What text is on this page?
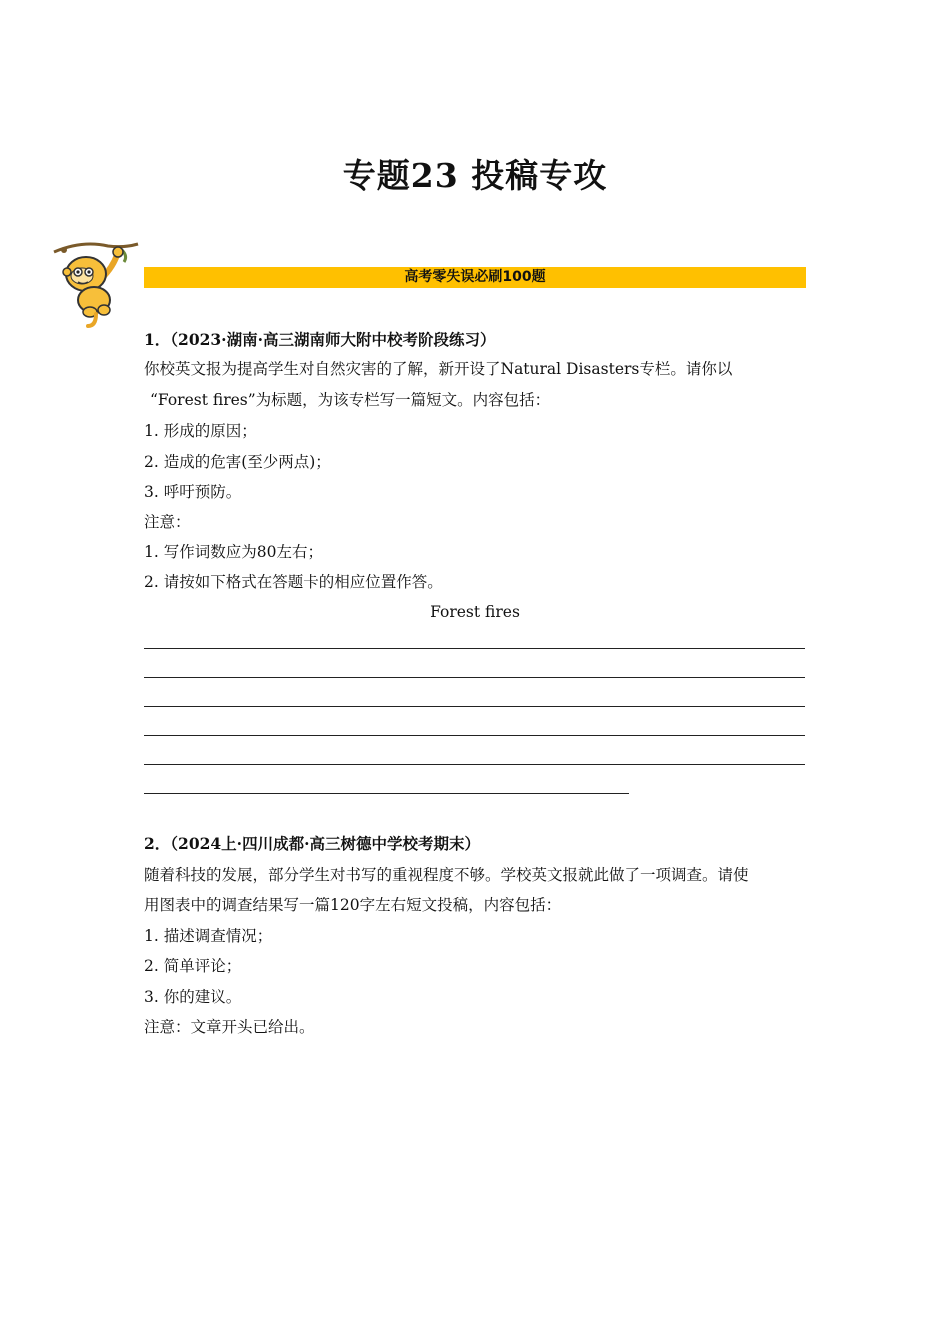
专题23 投稿专攻
高考零失误必刷100题
1．（2023·湖南·高三湖南师大附中校考阶段练习）
你校英文报为提高学生对自然灾害的了解，新开设了Natural Disasters专栏。请你以
“Forest fires”为标题，为该专栏写一篇短文。内容包括：
1. 形成的原因；
2. 造成的危害(至少两点)；
3. 呼吁预防。
注意：
1. 写作词数应为80左右；
2. 请按如下格式在答题卡的相应位置作答。
Forest fires
2．（2024上·四川成都·高三树德中学校考期末）
随着科技的发展，部分学生对书写的重视程度不够。学校英文报就此做了一项调查。请使
用图表中的调查结果写一篇120字左右短文投稿，内容包括：
1. 描述调查情况；
2. 简单评论；
3. 你的建议。
注意：文章开头已给出。
